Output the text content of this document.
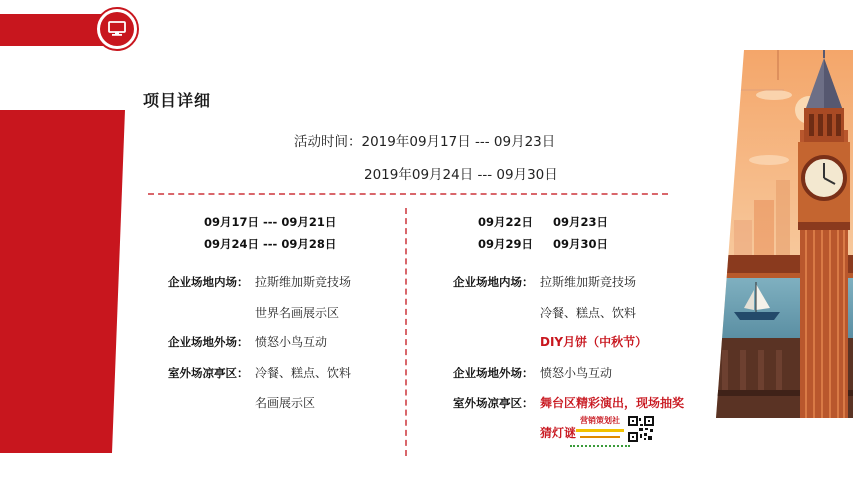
项目详细
活动时间：2019年09月17日 --- 09月23日
2019年09月24日 --- 09月30日
09月17日 --- 09月21日
09月24日 --- 09月28日
企业场地内场： 拉斯维加斯竞技场
世界名画展示区
企业场地外场： 愤怒小鸟互动
室外场凉亭区： 冷餐、糕点、饮料
名画展示区
09月22日     09月23日
09月29日     09月30日
企业场地内场： 拉斯维加斯竞技场
冷餐、糕点、饮料
DIY月饼（中秋节）
企业场地外场： 愤怒小鸟互动
室外场凉亭区： 舞台区精彩演出，现场抽奖
猜灯谜
营销策划社
